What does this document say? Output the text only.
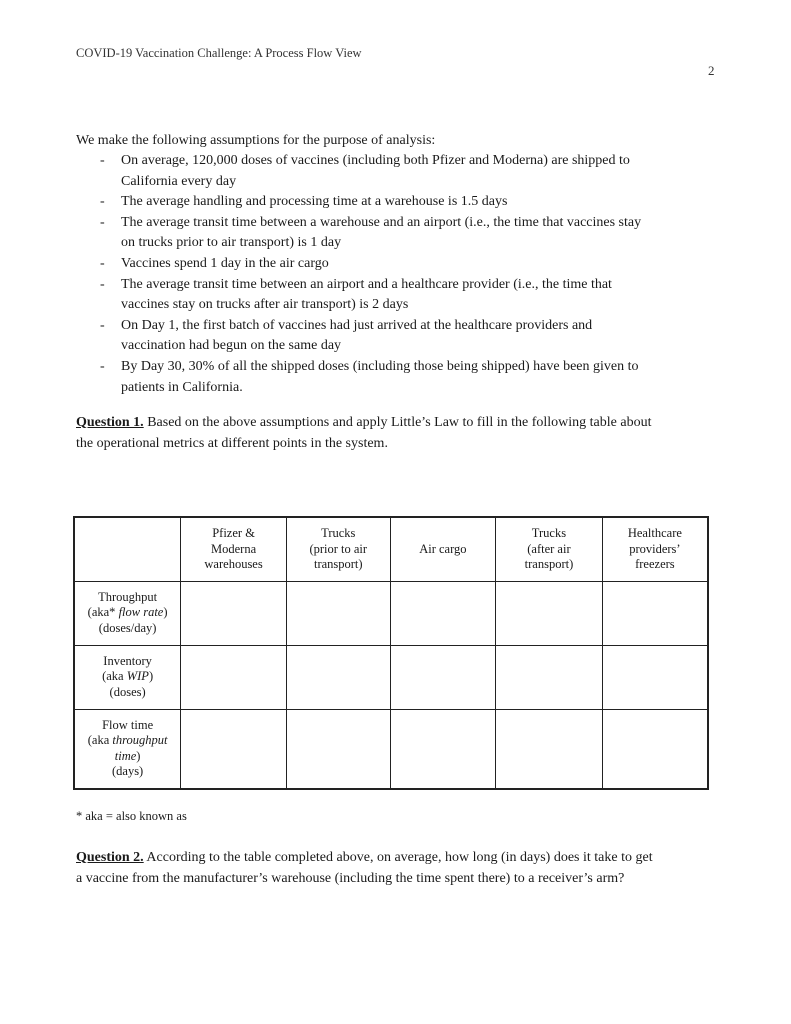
COVID-19 Vaccination Challenge: A Process Flow View
2
We make the following assumptions for the purpose of analysis:
- On average, 120,000 doses of vaccines (including both Pfizer and Moderna) are shipped to
California every day
- The average handling and processing time at a warehouse is 1.5 days
- The average transit time between a warehouse and an airport (i.e., the time that vaccines stay
on trucks prior to air transport) is 1 day
- Vaccines spend 1 day in the air cargo
- The average transit time between an airport and a healthcare provider (i.e., the time that
vaccines stay on trucks after air transport) is 2 days
- On Day 1, the first batch of vaccines had just arrived at the healthcare providers and
vaccination had begun on the same day
- By Day 30, 30% of all the shipped doses (including those being shipped) have been given to
patients in California.
Question 1. Based on the above assumptions and apply Little’s Law to fill in the following table about
the operational metrics at different points in the system.

	Pfizer &
Moderna
warehouses	Trucks
(prior to air
transport)	Air cargo	Trucks
(after air
transport)	Healthcare
providers’
freezers

Throughput
(aka* flow rate)
(doses/day)					

Inventory
(aka WIP)
(doses)					

Flow time
(aka throughput
time)
(days)					

* aka = also known as
Question 2. According to the table completed above, on average, how long (in days) does it take to get
a vaccine from the manufacturer’s warehouse (including the time spent there) to a receiver’s arm?
